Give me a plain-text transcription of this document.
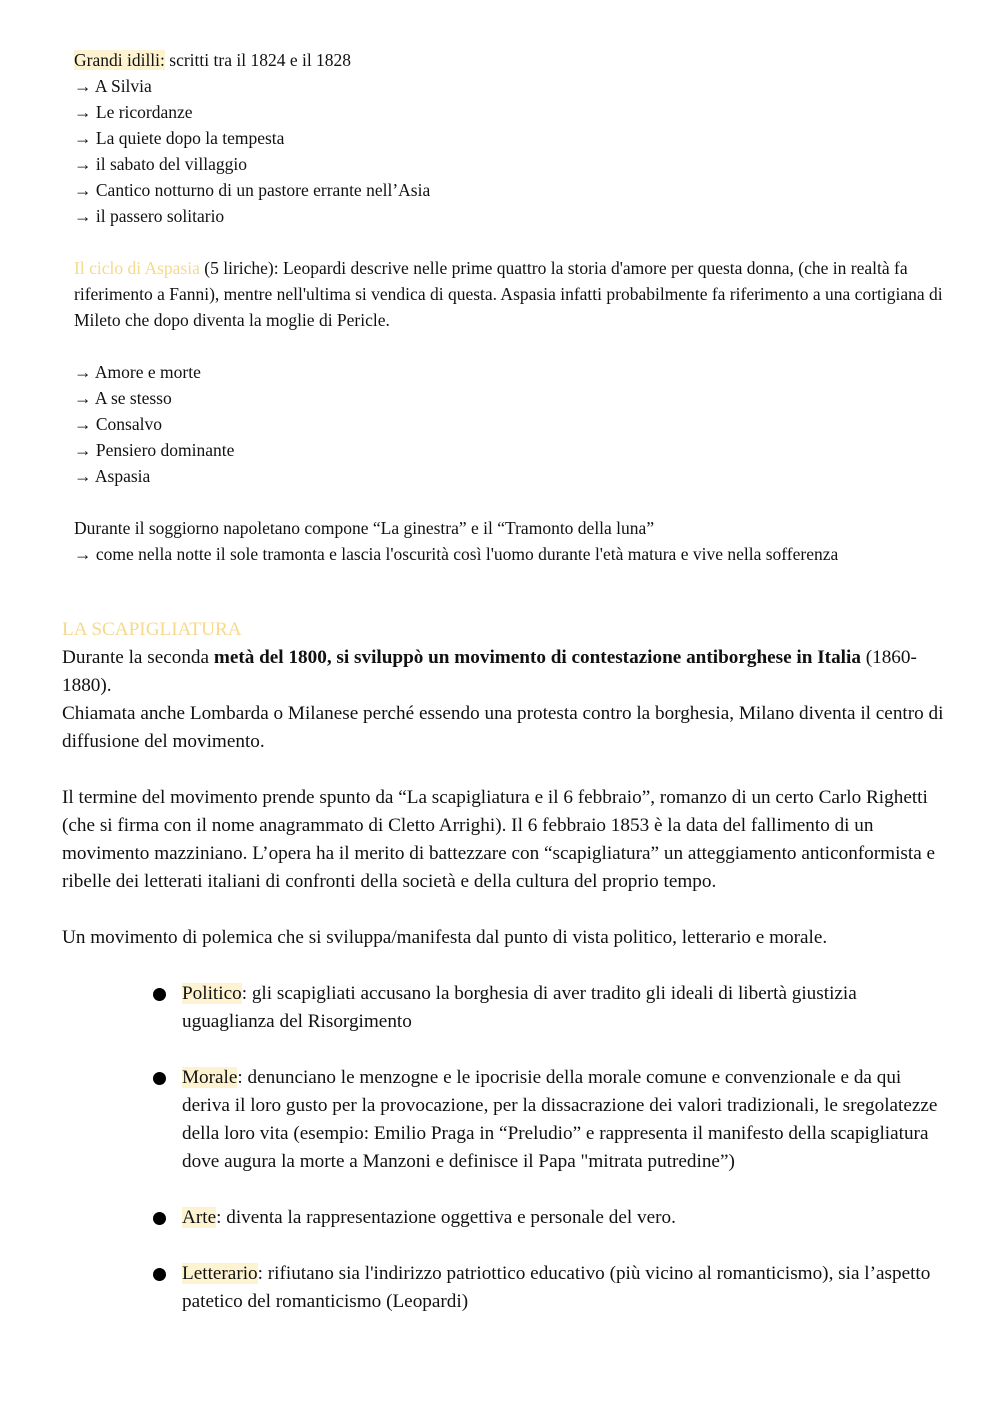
Grandi idilli: scritti tra il 1824 e il 1828
→ A Silvia
→ Le ricordanze
→ La quiete dopo la tempesta
→ il sabato del villaggio
→ Cantico notturno di un pastore errante nell’Asia
→ il passero solitario
Il ciclo di Aspasia (5 liriche): Leopardi descrive nelle prime quattro la storia d'amore per questa donna, (che in realtà fa riferimento a Fanni), mentre nell'ultima si vendica di questa. Aspasia infatti probabilmente fa riferimento a una cortigiana di Mileto che dopo diventa la moglie di Pericle.
→ Amore e morte
→ A se stesso
→ Consalvo
→ Pensiero dominante
→ Aspasia
Durante il soggiorno napoletano compone “La ginestra” e il “Tramonto della luna”
→ come nella notte il sole tramonta e lascia l'oscurità così l'uomo durante l'età matura e vive nella sofferenza
LA SCAPIGLIATURA
Durante la seconda metà del 1800, si sviluppò un movimento di contestazione antiborghese in Italia (1860-1880).
Chiamata anche Lombarda o Milanese perché essendo una protesta contro la borghesia, Milano diventa il centro di diffusione del movimento.
Il termine del movimento prende spunto da “La scapigliatura e il 6 febbraio”, romanzo di un certo Carlo Righetti (che si firma con il nome anagrammato di Cletto Arrighi). Il 6 febbraio 1853 è la data del fallimento di un movimento mazziniano. L’opera ha il merito di battezzare con “scapigliatura” un atteggiamento anticonformista e ribelle dei letterati italiani di confronti della società e della cultura del proprio tempo.
Un movimento di polemica che si sviluppa/manifesta dal punto di vista politico, letterario e morale.
Politico: gli scapigliati accusano la borghesia di aver tradito gli ideali di libertà giustizia uguaglianza del Risorgimento
Morale: denunciano le menzogne e le ipocrisie della morale comune e convenzionale e da qui deriva il loro gusto per la provocazione, per la dissacrazione dei valori tradizionali, le sregolatezze della loro vita (esempio: Emilio Praga in “Preludio” e rappresenta il manifesto della scapigliatura dove augura la morte a Manzoni e definisce il Papa "mitrata putredine”)
Arte: diventa la rappresentazione oggettiva e personale del vero.
Letterario: rifiutano sia l'indirizzo patriottico educativo (più vicino al romanticismo), sia l’aspetto patetico del romanticismo (Leopardi)
